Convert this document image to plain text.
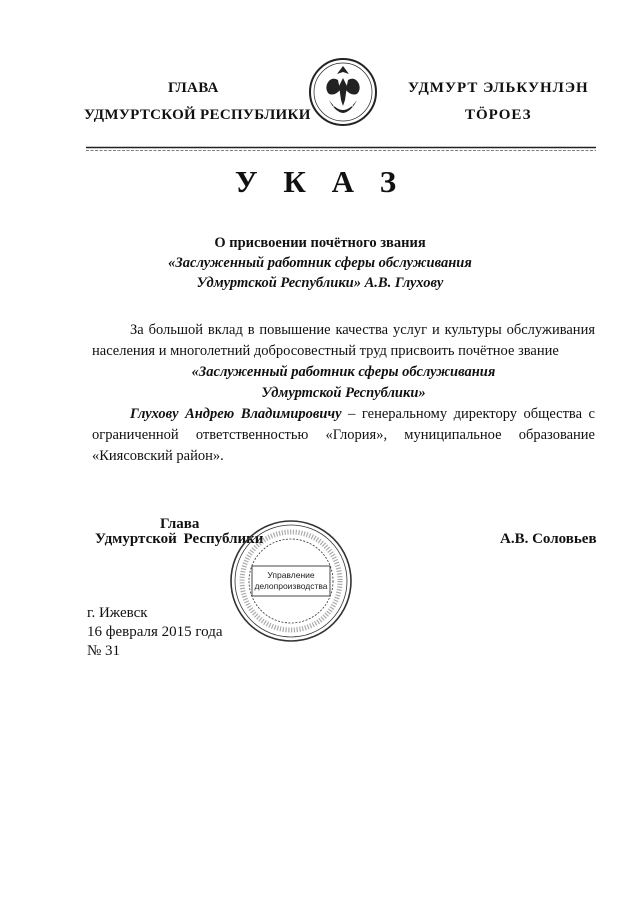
ГЛАВА
УДМУРТСКОЙ РЕСПУБЛИКИ
УДМУРТ ЭЛЬКУНЛЭН
ТӦРОЕЗ
У К А З
О присвоении почётного звания
«Заслуженный работник сферы обслуживания
Удмуртской Республики» А.В. Глухову

За большой вклад в повышение качества услуг и культуры обслуживания населения и многолетний добросовестный труд присвоить почётное звание

«Заслуженный работник сферы обслуживания
Удмуртской Республики»

Глухову Андрею Владимировичу – генеральному директору общества с ограниченной ответственностью «Глория», муниципальное образование «Киясовский район».

Глава
Удмуртской Республики	А.В. Соловьев
Управление
делопроизводства
г. Ижевск
16 февраля 2015 года
№ 31
